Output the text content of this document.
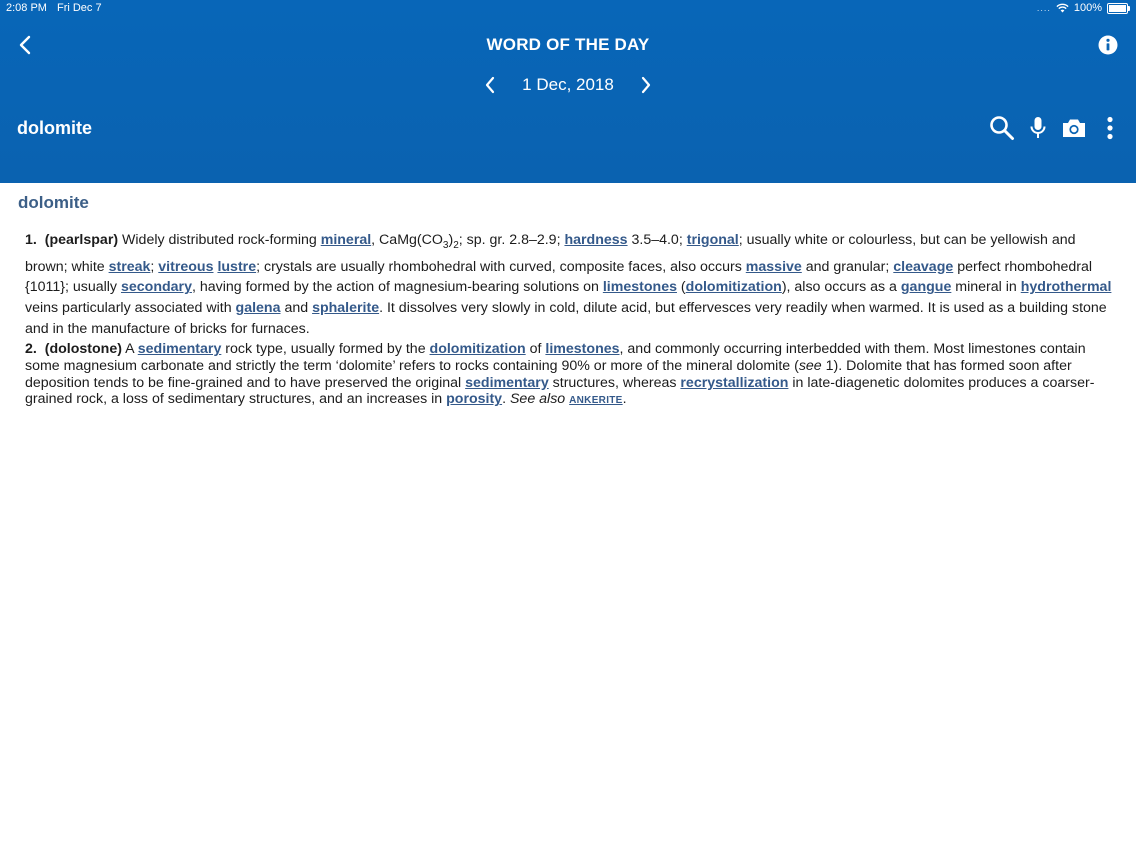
2:08 PM Fri Dec 7	.... 100%
WORD OF THE DAY
1 Dec, 2018
dolomite
dolomite
1. (pearlspar) Widely distributed rock-forming mineral, $CaMg(CO_3)_2$; sp. gr. 2.8–2.9; hardness 3.5–4.0; trigonal; usually white or colourless, but can be yellowish and brown; white streak; vitreous lustre; crystals are usually rhombohedral with curved, composite faces, also occurs massive and granular; cleavage perfect rhombohedral {1011}; usually secondary, having formed by the action of magnesium-bearing solutions on limestones (dolomitization), also occurs as a gangue mineral in hydrothermal veins particularly associated with galena and sphalerite. It dissolves very slowly in cold, dilute acid, but effervesces very readily when warmed. It is used as a building stone and in the manufacture of bricks for furnaces.
2. (dolostone) A sedimentary rock type, usually formed by the dolomitization of limestones, and commonly occurring interbedded with them. Most limestones contain some magnesium carbonate and strictly the term ‘dolomite’ refers to rocks containing 90% or more of the mineral dolomite (see 1). Dolomite that has formed soon after deposition tends to be fine-grained and to have preserved the original sedimentary structures, whereas recrystallization in late-diagenetic dolomites produces a coarser-grained rock, a loss of sedimentary structures, and an increases in porosity. See also ANKERITE.
